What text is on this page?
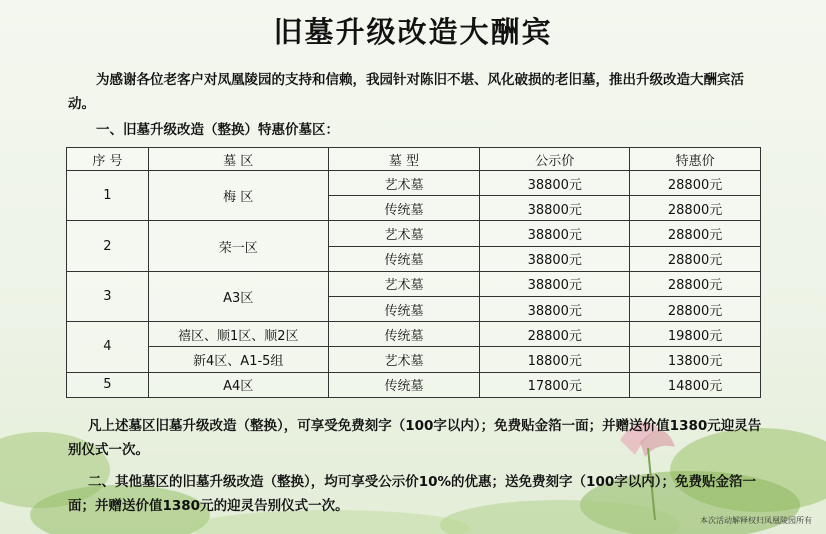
旧墓升级改造大酬宾
为感谢各位老客户对凤凰陵园的支持和信赖，我园针对陈旧不堪、风化破损的老旧墓，推出升级改造大酬宾活动。
一、旧墓升级改造（整换）特惠价墓区：
序 号	墓 区	墓 型	公示价	特惠价
1	梅 区	艺术墓	38800元	28800元
		传统墓	38800元	28800元
2	荣一区	艺术墓	38800元	28800元
		传统墓	38800元	28800元
3	A3区	艺术墓	38800元	28800元
		传统墓	38800元	28800元
4	禧区、顺1区、顺2区	传统墓	28800元	19800元
	新4区、A1-5组	艺术墓	18800元	13800元
5	A4区	传统墓	17800元	14800元
凡上述墓区旧墓升级改造（整换），可享受免费刻字（100字以内）；免费贴金箔一面；并赠送价值1380元迎灵告别仪式一次。
二、其他墓区的旧墓升级改造（整换），均可享受公示价10%的优惠；送免费刻字（100字以内）；免费贴金箔一面；并赠送价值1380元的迎灵告别仪式一次。
本次活动解释权归凤凰陵园所有
